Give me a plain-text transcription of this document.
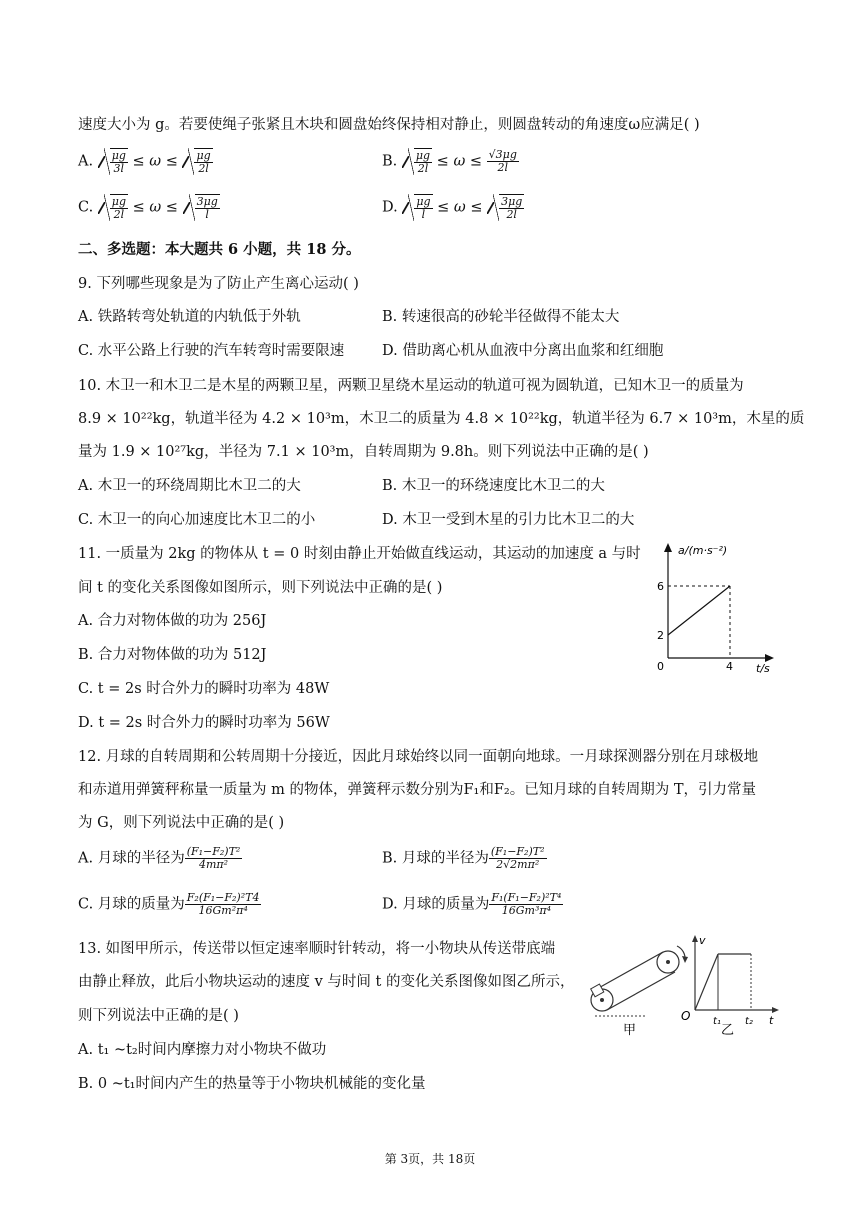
速度大小为 g。若要使绳子张紧且木块和圆盘始终保持相对静止，则圆盘转动的角速度ω应满足( )
A. $\frac{\mu g}{3l} \le \omega \le \frac{\mu g}{2l}$	B. $\frac{\mu g}{2l} \le \omega \le \frac{√3\mu g}{2l}$
C. $\frac{\mu g}{2l} \le \omega \le \frac{3\mu g}{l}$	D. $\frac{\mu g}{l} \le \omega \le \frac{3\mu g}{2l}$
二、多选题：本大题共 6 小题，共 18 分。
9. 下列哪些现象是为了防止产生离心运动( )
A. 铁路转弯处轨道的内轨低于外轨	B. 转速很高的砂轮半径做得不能太大
C. 水平公路上行驶的汽车转弯时需要限速	D. 借助离心机从血液中分离出血浆和红细胞
10. 木卫一和木卫二是木星的两颗卫星，两颗卫星绕木星运动的轨道可视为圆轨道，已知木卫一的质量为
8.9 × 10²²kg，轨道半径为 4.2 × 10³m，木卫二的质量为 4.8 × 10²²kg，轨道半径为 6.7 × 10³m，木星的质
量为 1.9 × 10²⁷kg，半径为 7.1 × 10³m，自转周期为 9.8h。则下列说法中正确的是( )
A. 木卫一的环绕周期比木卫二的大	B. 木卫一的环绕速度比木卫二的大
C. 木卫一的向心加速度比木卫二的小	D. 木卫一受到木星的引力比木卫二的大
11. 一质量为 2kg 的物体从 t = 0 时刻由静止开始做直线运动，其运动的加速度 a 与时
间 t 的变化关系图像如图所示，则下列说法中正确的是( )
A. 合力对物体做的功为 256J
B. 合力对物体做的功为 512J
C. t = 2s 时合外力的瞬时功率为 48W
D. t = 2s 时合外力的瞬时功率为 56W
a/(m·s⁻²)
t/s
0
2
6
4
12. 月球的自转周期和公转周期十分接近，因此月球始终以同一面朝向地球。一月球探测器分别在月球极地
和赤道用弹簧秤称量一质量为 m 的物体，弹簧秤示数分别为F₁和F₂。已知月球的自转周期为 T，引力常量
为 G，则下列说法中正确的是( )
A. 月球的半径为 $\frac{\text{(F₁−F₂)T²}}{\text{4mπ²}}$	B. 月球的半径为 $\frac{\text{(F₁−F₂)T²}}{\text{2√2mπ²}}$
C. 月球的质量为 $\frac{\text{F₂(F₁−F₂)²T4}}{\text{16Gm²π⁴}}$	D. 月球的质量为 $\frac{\text{F₁(F₁−F₂)²T⁴}}{\text{16Gm³π⁴}}$
13. 如图甲所示，传送带以恒定速率顺时针转动，将一小物块从传送带底端
由静止释放，此后小物块运动的速度 v 与时间 t 的变化关系图像如图乙所示，
则下列说法中正确的是( )
A. t₁ ~t₂时间内摩擦力对小物块不做功
B. 0 ~t₁时间内产生的热量等于小物块机械能的变化量
甲
v
O t₁ t₂ t
乙
第 3页，共 18页
